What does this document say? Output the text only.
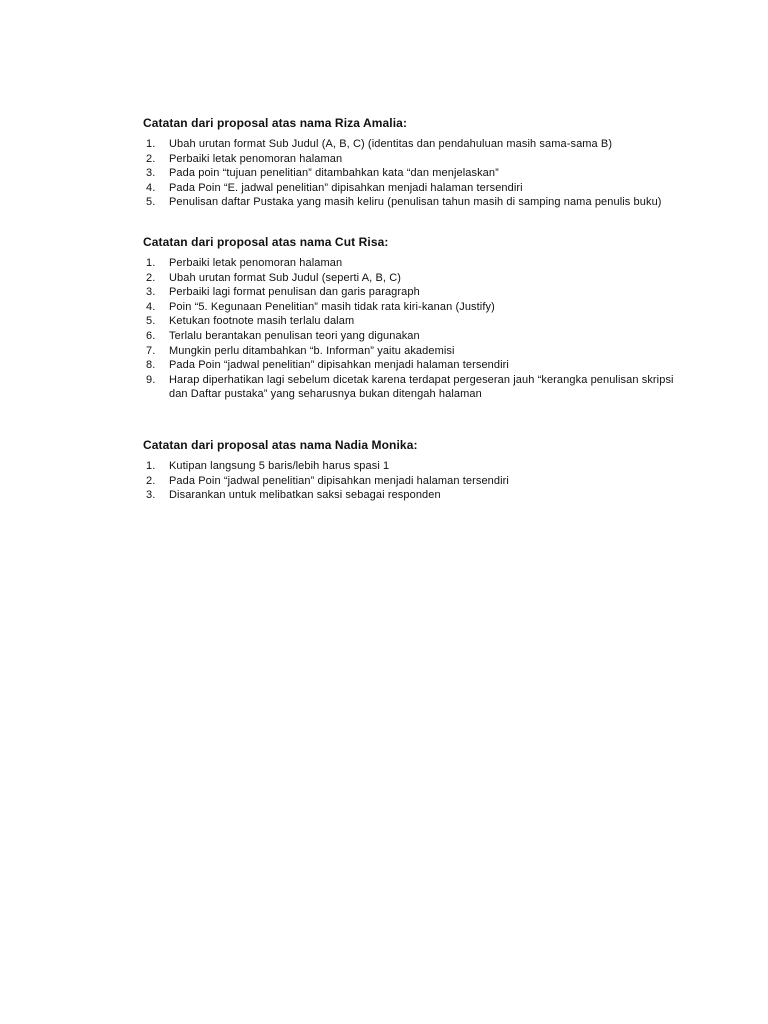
Catatan dari proposal atas nama Riza Amalia:
1. Ubah urutan format Sub Judul (A, B, C) (identitas dan pendahuluan masih sama-sama B)
2. Perbaiki letak penomoran halaman
3. Pada poin “tujuan penelitian” ditambahkan kata “dan menjelaskan”
4. Pada Poin “E. jadwal penelitian” dipisahkan menjadi halaman tersendiri
5. Penulisan daftar Pustaka yang masih keliru (penulisan tahun masih di samping nama penulis buku)
Catatan dari proposal atas nama Cut Risa:
1. Perbaiki letak penomoran halaman
2. Ubah urutan format Sub Judul (seperti A, B, C)
3. Perbaiki lagi format penulisan dan garis paragraph
4. Poin “5. Kegunaan Penelitian” masih tidak rata kiri-kanan (Justify)
5. Ketukan footnote masih terlalu dalam
6. Terlalu berantakan penulisan teori yang digunakan
7. Mungkin perlu ditambahkan “b. Informan” yaitu akademisi
8. Pada Poin “jadwal penelitian” dipisahkan menjadi halaman tersendiri
9. Harap diperhatikan lagi sebelum dicetak karena terdapat pergeseran jauh “kerangka penulisan skripsi dan Daftar pustaka” yang seharusnya bukan ditengah halaman
Catatan dari proposal atas nama Nadia Monika:
1. Kutipan langsung 5 baris/lebih harus spasi 1
2. Pada Poin “jadwal penelitian” dipisahkan menjadi halaman tersendiri
3. Disarankan untuk melibatkan saksi sebagai responden
